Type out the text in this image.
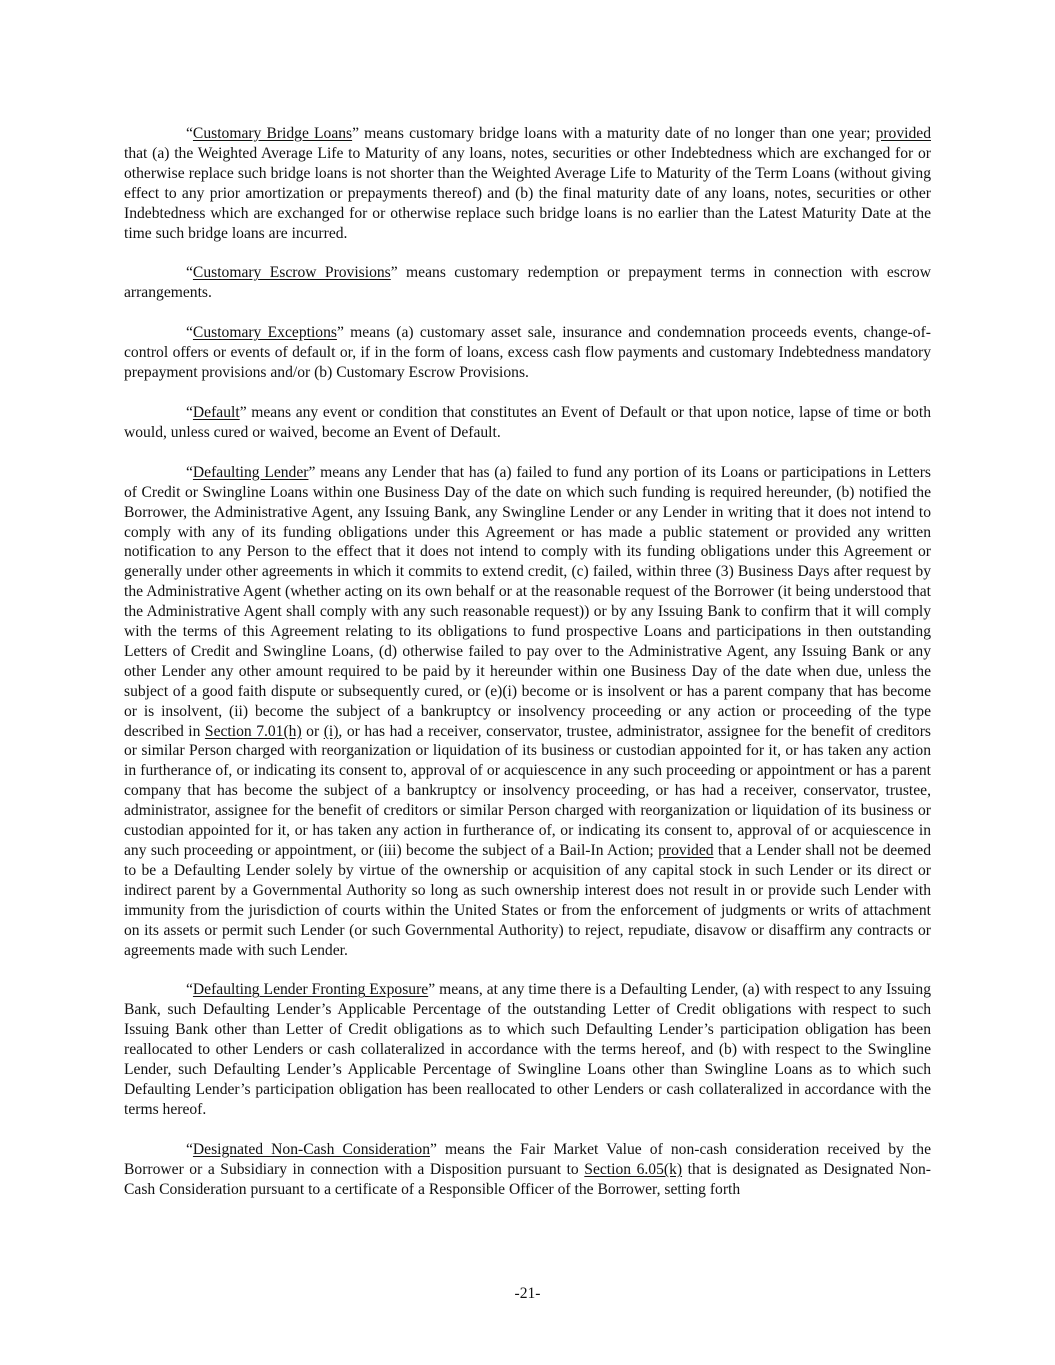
“Customary Bridge Loans” means customary bridge loans with a maturity date of no longer than one year; provided that (a) the Weighted Average Life to Maturity of any loans, notes, securities or other Indebtedness which are exchanged for or otherwise replace such bridge loans is not shorter than the Weighted Average Life to Maturity of the Term Loans (without giving effect to any prior amortization or prepayments thereof) and (b) the final maturity date of any loans, notes, securities or other Indebtedness which are exchanged for or otherwise replace such bridge loans is no earlier than the Latest Maturity Date at the time such bridge loans are incurred.

“Customary Escrow Provisions” means customary redemption or prepayment terms in connection with escrow arrangements.

“Customary Exceptions” means (a) customary asset sale, insurance and condemnation proceeds events, change-of-control offers or events of default or, if in the form of loans, excess cash flow payments and customary Indebtedness mandatory prepayment provisions and/or (b) Customary Escrow Provisions.

“Default” means any event or condition that constitutes an Event of Default or that upon notice, lapse of time or both would, unless cured or waived, become an Event of Default.

“Defaulting Lender” means any Lender that has (a) failed to fund any portion of its Loans or participations in Letters of Credit or Swingline Loans within one Business Day of the date on which such funding is required hereunder, (b) notified the Borrower, the Administrative Agent, any Issuing Bank, any Swingline Lender or any Lender in writing that it does not intend to comply with any of its funding obligations under this Agreement or has made a public statement or provided any written notification to any Person to the effect that it does not intend to comply with its funding obligations under this Agreement or generally under other agreements in which it commits to extend credit, (c) failed, within three (3) Business Days after request by the Administrative Agent (whether acting on its own behalf or at the reasonable request of the Borrower (it being understood that the Administrative Agent shall comply with any such reasonable request)) or by any Issuing Bank to confirm that it will comply with the terms of this Agreement relating to its obligations to fund prospective Loans and participations in then outstanding Letters of Credit and Swingline Loans, (d) otherwise failed to pay over to the Administrative Agent, any Issuing Bank or any other Lender any other amount required to be paid by it hereunder within one Business Day of the date when due, unless the subject of a good faith dispute or subsequently cured, or (e)(i) become or is insolvent or has a parent company that has become or is insolvent, (ii) become the subject of a bankruptcy or insolvency proceeding or any action or proceeding of the type described in Section 7.01(h) or (i), or has had a receiver, conservator, trustee, administrator, assignee for the benefit of creditors or similar Person charged with reorganization or liquidation of its business or custodian appointed for it, or has taken any action in furtherance of, or indicating its consent to, approval of or acquiescence in any such proceeding or appointment or has a parent company that has become the subject of a bankruptcy or insolvency proceeding, or has had a receiver, conservator, trustee, administrator, assignee for the benefit of creditors or similar Person charged with reorganization or liquidation of its business or custodian appointed for it, or has taken any action in furtherance of, or indicating its consent to, approval of or acquiescence in any such proceeding or appointment, or (iii) become the subject of a Bail-In Action; provided that a Lender shall not be deemed to be a Defaulting Lender solely by virtue of the ownership or acquisition of any capital stock in such Lender or its direct or indirect parent by a Governmental Authority so long as such ownership interest does not result in or provide such Lender with immunity from the jurisdiction of courts within the United States or from the enforcement of judgments or writs of attachment on its assets or permit such Lender (or such Governmental Authority) to reject, repudiate, disavow or disaffirm any contracts or agreements made with such Lender.

“Defaulting Lender Fronting Exposure” means, at any time there is a Defaulting Lender, (a) with respect to any Issuing Bank, such Defaulting Lender’s Applicable Percentage of the outstanding Letter of Credit obligations with respect to such Issuing Bank other than Letter of Credit obligations as to which such Defaulting Lender’s participation obligation has been reallocated to other Lenders or cash collateralized in accordance with the terms hereof, and (b) with respect to the Swingline Lender, such Defaulting Lender’s Applicable Percentage of Swingline Loans other than Swingline Loans as to which such Defaulting Lender’s participation obligation has been reallocated to other Lenders or cash collateralized in accordance with the terms hereof.

“Designated Non-Cash Consideration” means the Fair Market Value of non-cash consideration received by the Borrower or a Subsidiary in connection with a Disposition pursuant to Section 6.05(k) that is designated as Designated Non-Cash Consideration pursuant to a certificate of a Responsible Officer of the Borrower, setting forth

-21-
